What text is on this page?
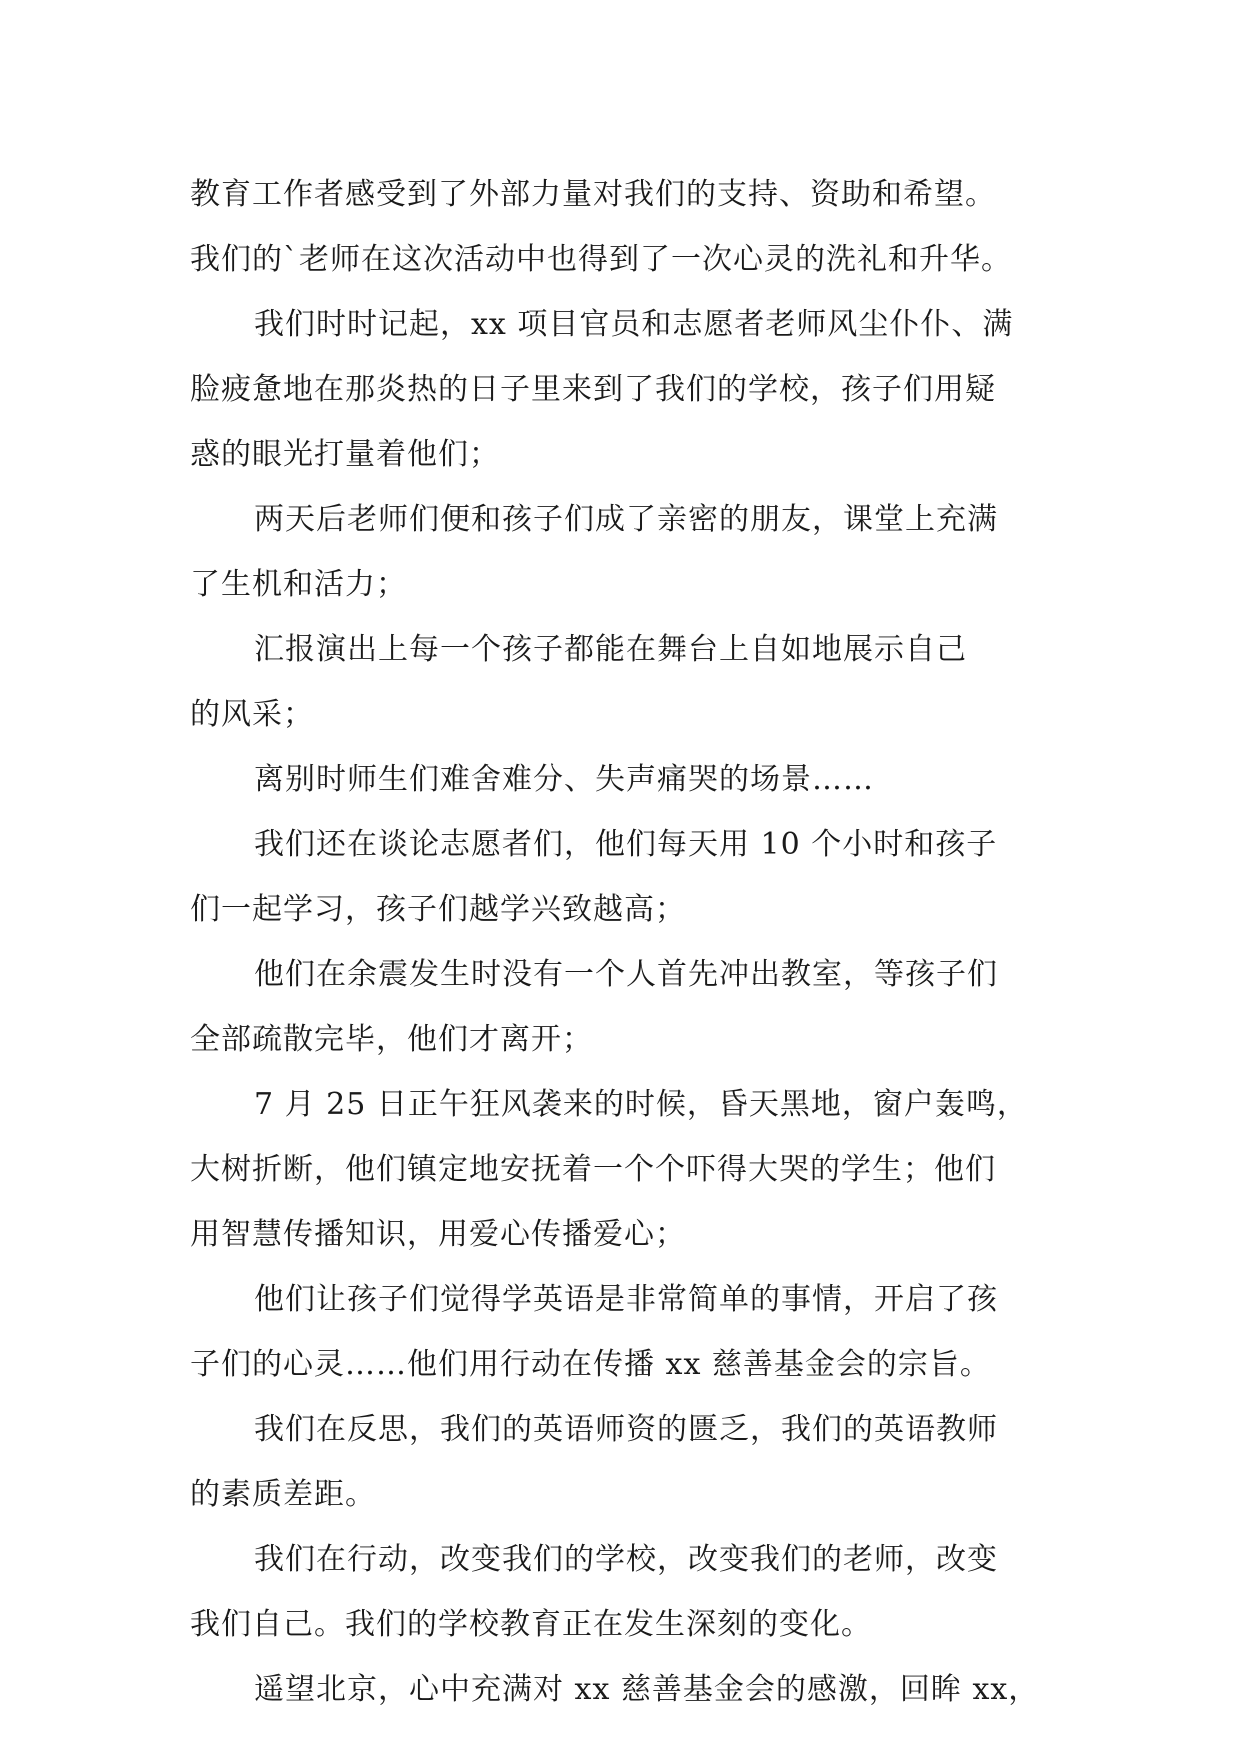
教育工作者感受到了外部力量对我们的支持、资助和希望。
我们的`老师在这次活动中也得到了一次心灵的洗礼和升华。
我们时时记起，xx 项目官员和志愿者老师风尘仆仆、满
脸疲惫地在那炎热的日子里来到了我们的学校，孩子们用疑
惑的眼光打量着他们；
两天后老师们便和孩子们成了亲密的朋友，课堂上充满
了生机和活力；
汇报演出上每一个孩子都能在舞台上自如地展示自己
的风采；
离别时师生们难舍难分、失声痛哭的场景……
我们还在谈论志愿者们，他们每天用 10 个小时和孩子
们一起学习，孩子们越学兴致越高；
他们在余震发生时没有一个人首先冲出教室，等孩子们
全部疏散完毕，他们才离开；
7 月 25 日正午狂风袭来的时候，昏天黑地，窗户轰鸣，
大树折断，他们镇定地安抚着一个个吓得大哭的学生；他们
用智慧传播知识，用爱心传播爱心；
他们让孩子们觉得学英语是非常简单的事情，开启了孩
子们的心灵……他们用行动在传播 xx 慈善基金会的宗旨。
我们在反思，我们的英语师资的匮乏，我们的英语教师
的素质差距。
我们在行动，改变我们的学校，改变我们的老师，改变
我们自己。我们的学校教育正在发生深刻的变化。
遥望北京，心中充满对 xx 慈善基金会的感激，回眸 xx，
